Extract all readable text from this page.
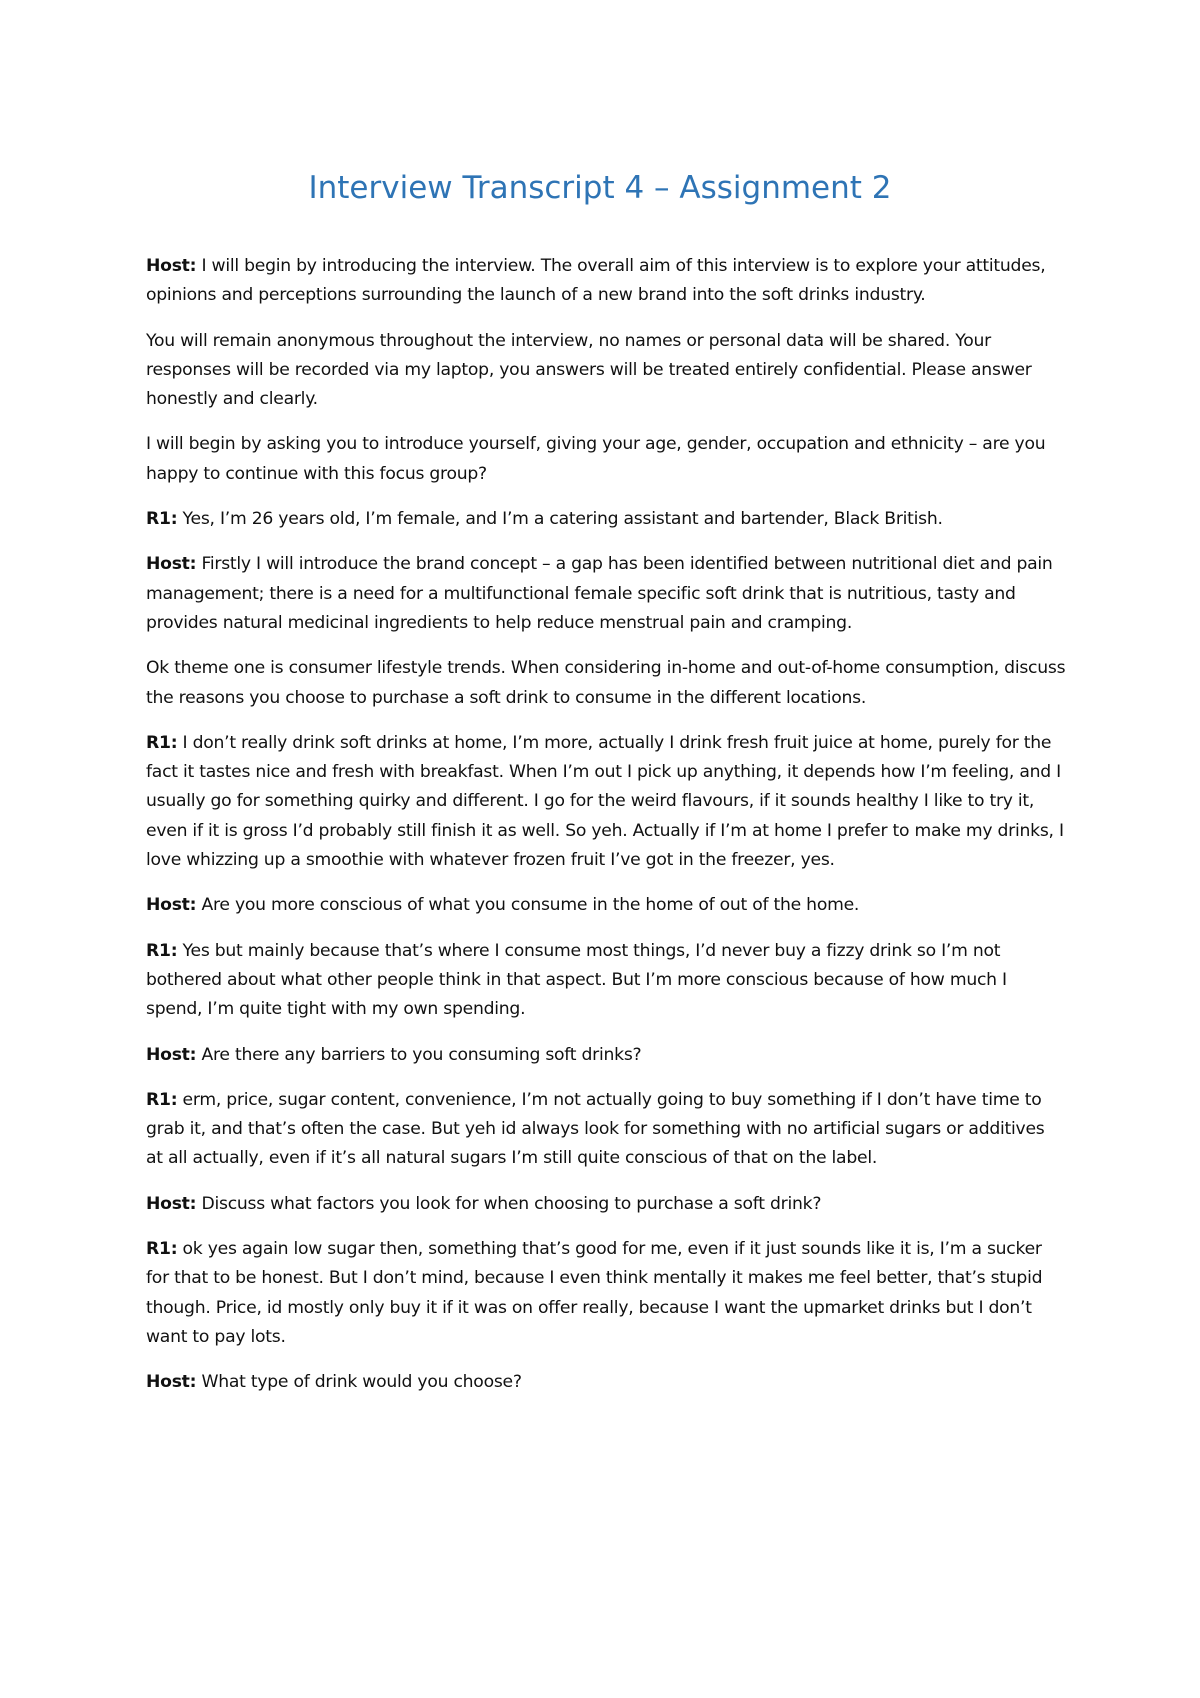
Interview Transcript 4 – Assignment 2

Host: I will begin by introducing the interview. The overall aim of this interview is to explore your attitudes, opinions and perceptions surrounding the launch of a new brand into the soft drinks industry.

You will remain anonymous throughout the interview, no names or personal data will be shared. Your responses will be recorded via my laptop, you answers will be treated entirely confidential. Please answer honestly and clearly.

I will begin by asking you to introduce yourself, giving your age, gender, occupation and ethnicity – are you happy to continue with this focus group?

R1: Yes, I’m 26 years old, I’m female, and I’m a catering assistant and bartender, Black British.

Host: Firstly I will introduce the brand concept – a gap has been identified between nutritional diet and pain management; there is a need for a multifunctional female specific soft drink that is nutritious, tasty and provides natural medicinal ingredients to help reduce menstrual pain and cramping.

Ok theme one is consumer lifestyle trends. When considering in-home and out-of-home consumption, discuss the reasons you choose to purchase a soft drink to consume in the different locations.

R1: I don’t really drink soft drinks at home, I’m more, actually I drink fresh fruit juice at home, purely for the fact it tastes nice and fresh with breakfast. When I’m out I pick up anything, it depends how I’m feeling, and I usually go for something quirky and different. I go for the weird flavours, if it sounds healthy I like to try it, even if it is gross I’d probably still finish it as well. So yeh. Actually if I’m at home I prefer to make my drinks, I love whizzing up a smoothie with whatever frozen fruit I’ve got in the freezer, yes.

Host: Are you more conscious of what you consume in the home of out of the home.

R1: Yes but mainly because that’s where I consume most things, I’d never buy a fizzy drink so I’m not bothered about what other people think in that aspect. But I’m more conscious because of how much I spend, I’m quite tight with my own spending.

Host: Are there any barriers to you consuming soft drinks?

R1: erm, price, sugar content, convenience, I’m not actually going to buy something if I don’t have time to grab it, and that’s often the case. But yeh id always look for something with no artificial sugars or additives at all actually, even if it’s all natural sugars I’m still quite conscious of that on the label.

Host: Discuss what factors you look for when choosing to purchase a soft drink?

R1: ok yes again low sugar then, something that’s good for me, even if it just sounds like it is, I’m a sucker for that to be honest. But I don’t mind, because I even think mentally it makes me feel better, that’s stupid though. Price, id mostly only buy it if it was on offer really, because I want the upmarket drinks but I don’t want to pay lots.

Host: What type of drink would you choose?
